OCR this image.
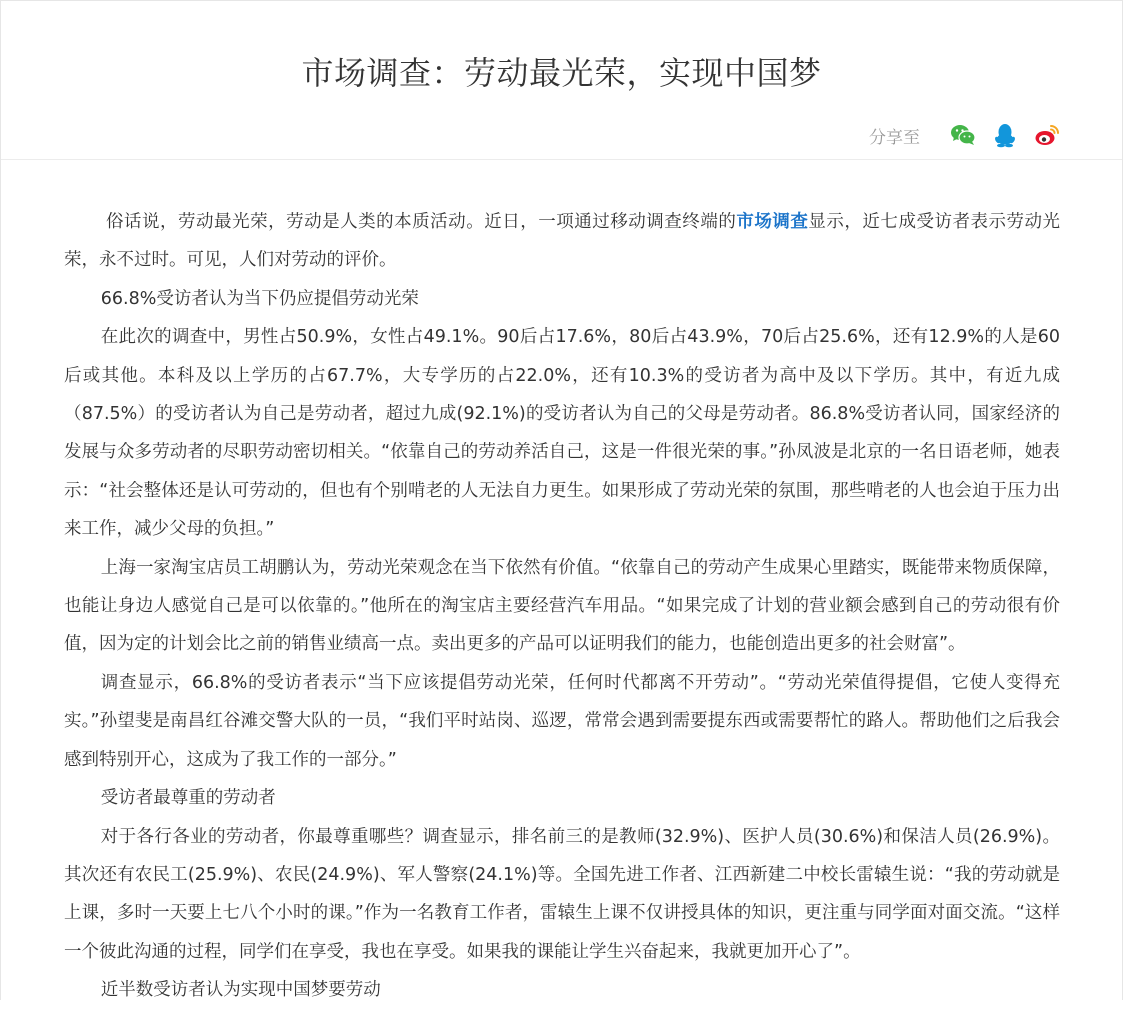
市场调查：劳动最光荣，实现中国梦
分享至

俗话说，劳动最光荣，劳动是人类的本质活动。近日，一项通过移动调查终端的市场调查显示，近七成受访者表示劳动光荣，永不过时。可见，人们对劳动的评价。

66.8%受访者认为当下仍应提倡劳动光荣

在此次的调查中，男性占50.9%，女性占49.1%。90后占17.6%，80后占43.9%，70后占25.6%，还有12.9%的人是60后或其他。本科及以上学历的占67.7%，大专学历的占22.0%，还有10.3%的受访者为高中及以下学历。其中，有近九成（87.5%）的受访者认为自己是劳动者，超过九成(92.1%)的受访者认为自己的父母是劳动者。86.8%受访者认同，国家经济的发展与众多劳动者的尽职劳动密切相关。“依靠自己的劳动养活自己，这是一件很光荣的事。”孙凤波是北京的一名日语老师，她表示：“社会整体还是认可劳动的，但也有个别啃老的人无法自力更生。如果形成了劳动光荣的氛围，那些啃老的人也会迫于压力出来工作，减少父母的负担。”

上海一家淘宝店员工胡鹏认为，劳动光荣观念在当下依然有价值。“依靠自己的劳动产生成果心里踏实，既能带来物质保障，也能让身边人感觉自己是可以依靠的。”他所在的淘宝店主要经营汽车用品。“如果完成了计划的营业额会感到自己的劳动很有价值，因为定的计划会比之前的销售业绩高一点。卖出更多的产品可以证明我们的能力，也能创造出更多的社会财富”。

调查显示，66.8%的受访者表示“当下应该提倡劳动光荣，任何时代都离不开劳动”。“劳动光荣值得提倡，它使人变得充实。”孙望斐是南昌红谷滩交警大队的一员，“我们平时站岗、巡逻，常常会遇到需要提东西或需要帮忙的路人。帮助他们之后我会感到特别开心，这成为了我工作的一部分。”

受访者最尊重的劳动者

对于各行各业的劳动者，你最尊重哪些？调查显示，排名前三的是教师(32.9%)、医护人员(30.6%)和保洁人员(26.9%)。其次还有农民工(25.9%)、农民(24.9%)、军人警察(24.1%)等。全国先进工作者、江西新建二中校长雷辕生说：“我的劳动就是上课，多时一天要上七八个小时的课。”作为一名教育工作者，雷辕生上课不仅讲授具体的知识，更注重与同学面对面交流。“这样一个彼此沟通的过程，同学们在享受，我也在享受。如果我的课能让学生兴奋起来，我就更加开心了”。

近半数受访者认为实现中国梦要劳动
